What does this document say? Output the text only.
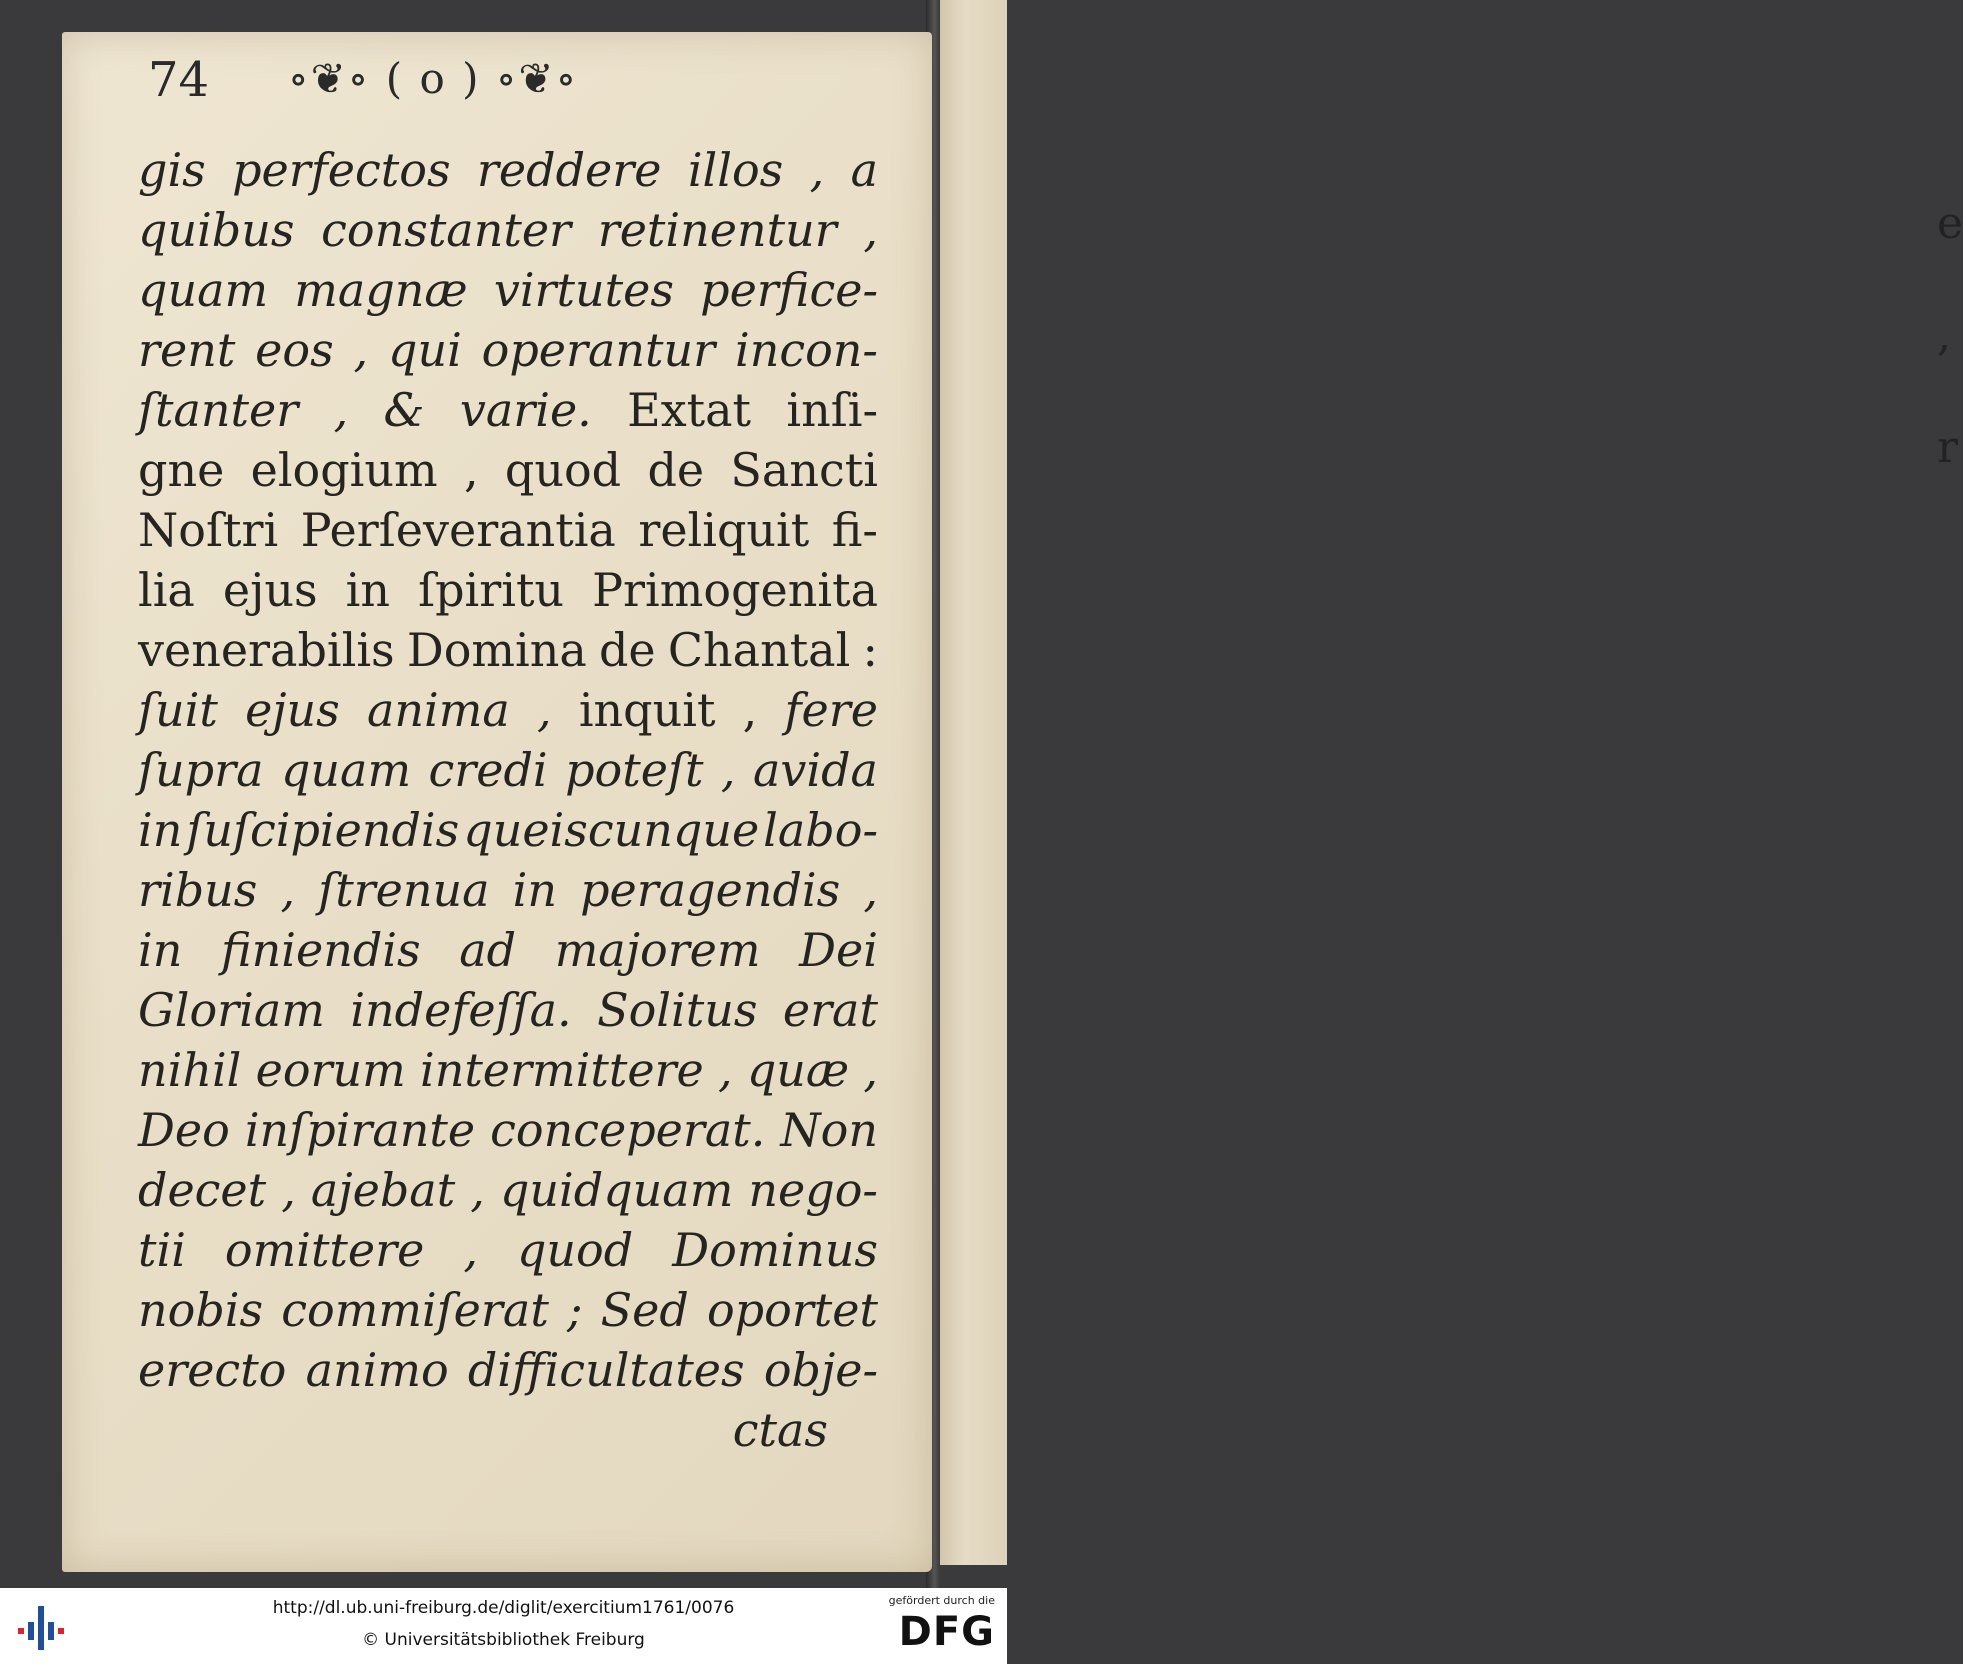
e
,
r
74 ∘❦∘ ( o ) ∘❦∘
gis perfectos reddere illos , a
quibus constanter retinentur ,
quam magnæ virtutes perfice-
rent eos , qui operantur incon-
ſtanter , & varie. Extat inſi-
gne elogium , quod de Sancti
Noſtri Perſeverantia reliquit fi-
lia ejus in ſpiritu Primogenita
venerabilis Domina de Chantal :
ſuit ejus anima , inquit , fere
ſupra quam credi poteſt , avida
in ſuſcipiendis queiscunque labo-
ribus , ſtrenua in peragendis ,
in finiendis ad majorem Dei
Gloriam indefeſſa. Solitus erat
nihil eorum intermittere , quæ ,
Deo inſpirante conceperat. Non
decet , ajebat , quidquam nego-
tii omittere , quod Dominus
nobis commiſerat ; Sed oportet
erecto animo difficultates obje-
ctas
http://dl.ub.uni-freiburg.de/diglit/exercitium1761/0076
© Universitätsbibliothek Freiburg
gefördert durch die
DFG
